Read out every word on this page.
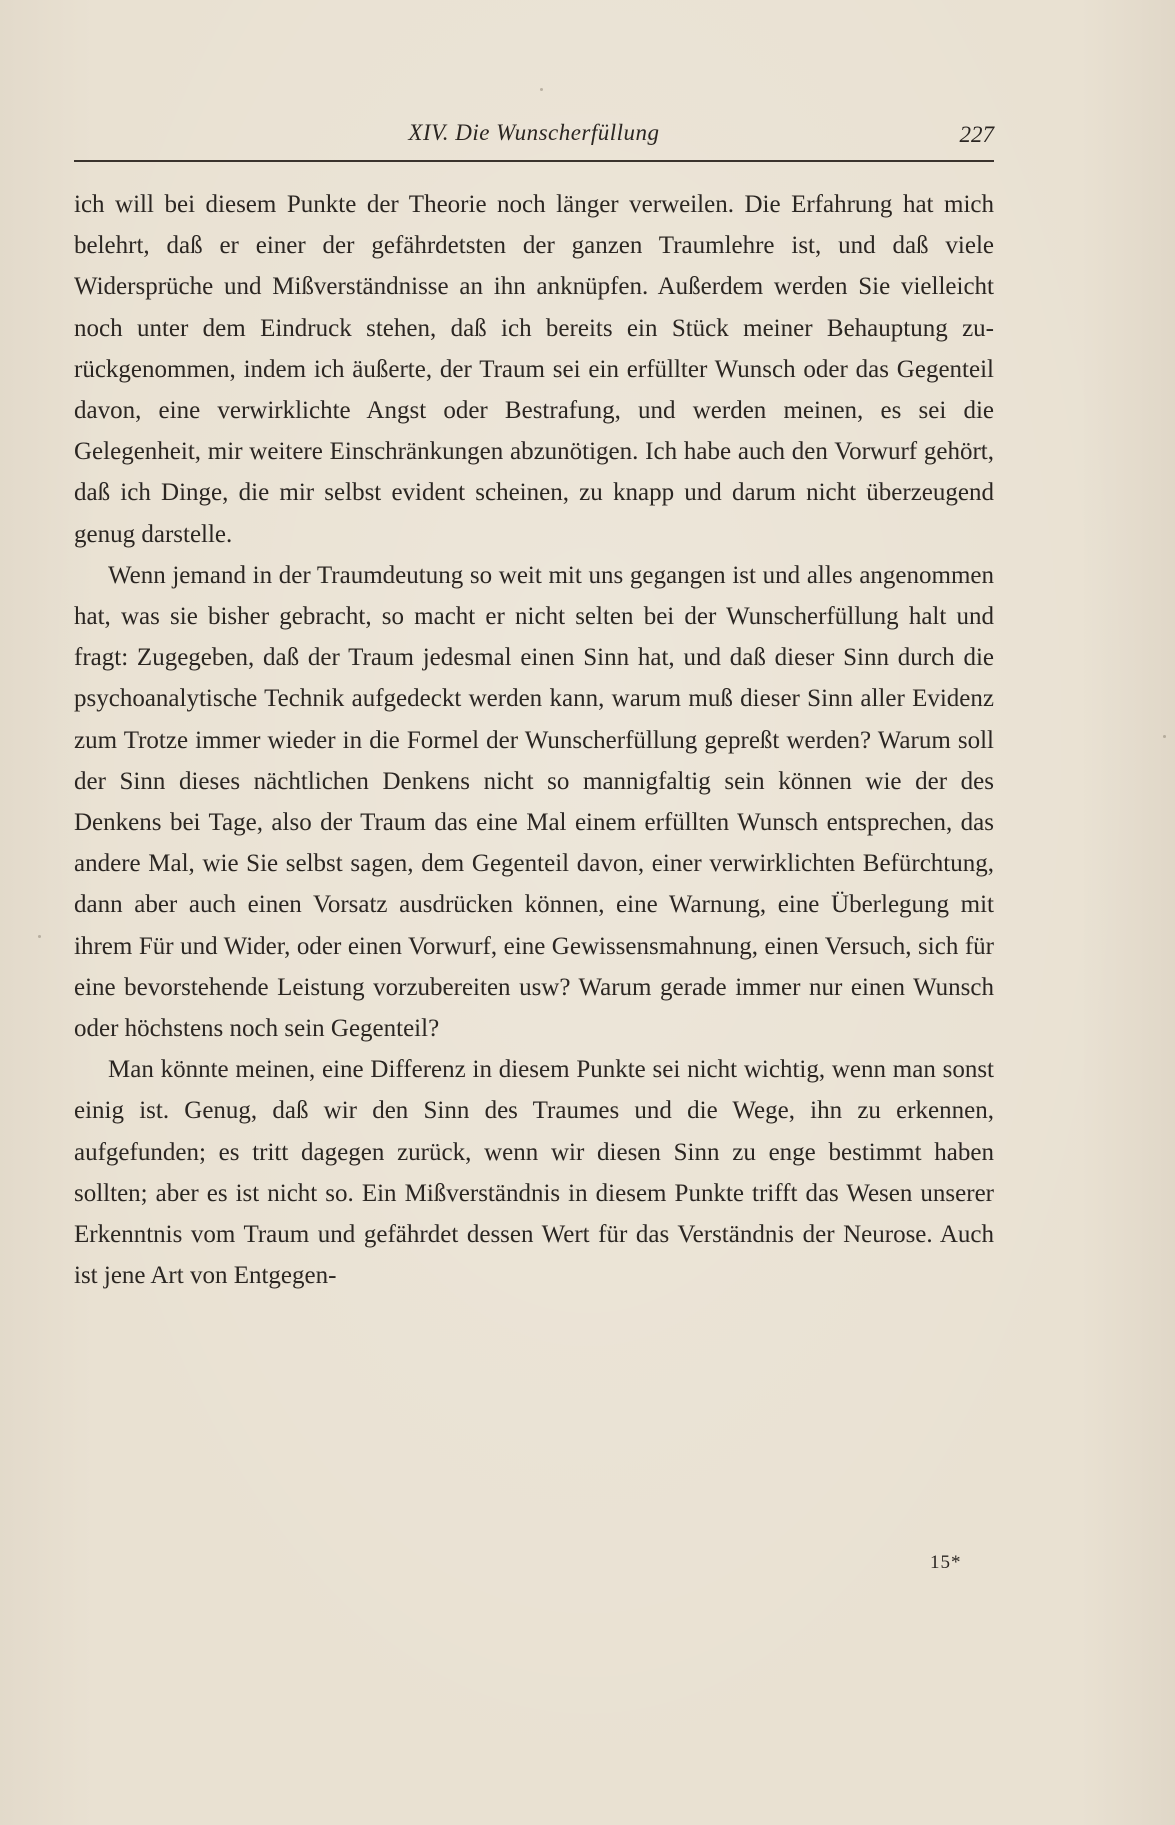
XIV. Die Wunscherfüllung	227

ich will bei diesem Punkte der Theorie noch länger verweilen. Die Erfahrung hat mich belehrt, daß er einer der gefährdetsten der ganzen Traumlehre ist, und daß viele Widersprüche und Mißverständnisse an ihn anknüpfen. Außerdem werden Sie vielleicht noch unter dem Eindruck stehen, daß ich bereits ein Stück meiner Behauptung zurückgenommen, indem ich äußerte, der Traum sei ein erfüllter Wunsch oder das Gegenteil davon, eine verwirklichte Angst oder Bestrafung, und werden meinen, es sei die Gelegenheit, mir weitere Einschränkungen abzunötigen. Ich habe auch den Vorwurf gehört, daß ich Dinge, die mir selbst evident scheinen, zu knapp und darum nicht überzeugend genug darstelle.

Wenn jemand in der Traumdeutung so weit mit uns gegangen ist und alles angenommen hat, was sie bisher gebracht, so macht er nicht selten bei der Wunscherfüllung halt und fragt: Zugegeben, daß der Traum jedesmal einen Sinn hat, und daß dieser Sinn durch die psychoanalytische Technik aufgedeckt werden kann, warum muß dieser Sinn aller Evidenz zum Trotze immer wieder in die Formel der Wunscherfüllung gepreßt werden? Warum soll der Sinn dieses nächtlichen Denkens nicht so mannigfaltig sein können wie der des Denkens bei Tage, also der Traum das eine Mal einem erfüllten Wunsch entsprechen, das andere Mal, wie Sie selbst sagen, dem Gegenteil davon, einer verwirklichten Befürchtung, dann aber auch einen Vorsatz ausdrücken können, eine Warnung, eine Überlegung mit ihrem Für und Wider, oder einen Vorwurf, eine Gewissensmahnung, einen Versuch, sich für eine bevorstehende Leistung vorzubereiten usw? Warum gerade immer nur einen Wunsch oder höchstens noch sein Gegenteil?

Man könnte meinen, eine Differenz in diesem Punkte sei nicht wichtig, wenn man sonst einig ist. Genug, daß wir den Sinn des Traumes und die Wege, ihn zu erkennen, aufgefunden; es tritt dagegen zurück, wenn wir diesen Sinn zu enge bestimmt haben sollten; aber es ist nicht so. Ein Mißverständnis in diesem Punkte trifft das Wesen unserer Erkenntnis vom Traum und gefährdet dessen Wert für das Verständnis der Neurose. Auch ist jene Art von Entgegen-

15*
